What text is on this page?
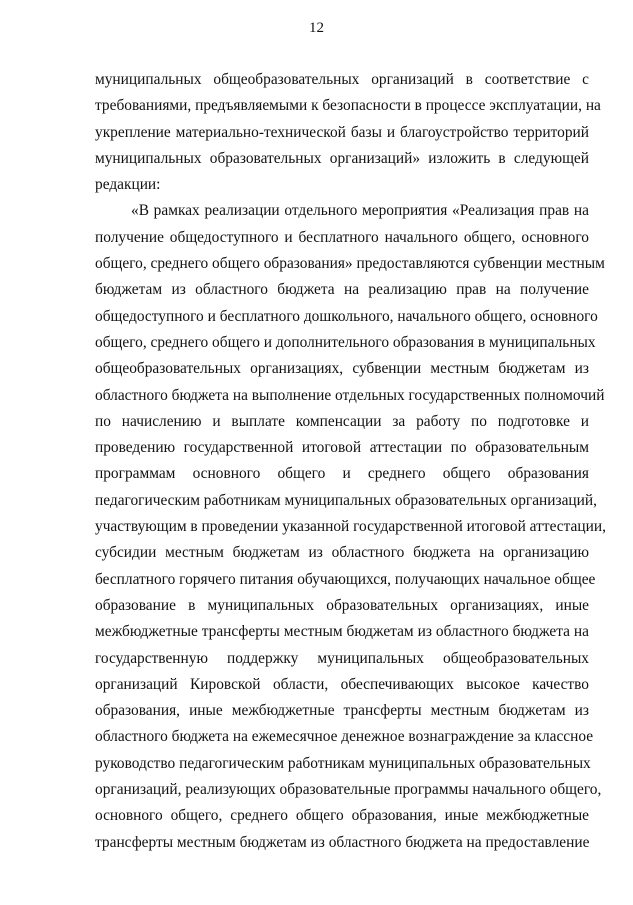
12
муниципальных общеобразовательных организаций в соответствие с
требованиями, предъявляемыми к безопасности в процессе эксплуатации, на
укрепление материально-технической базы и благоустройство территорий
муниципальных образовательных организаций» изложить в следующей
редакции:
«В рамках реализации отдельного мероприятия «Реализация прав на
получение общедоступного и бесплатного начального общего, основного
общего, среднего общего образования» предоставляются субвенции местным
бюджетам из областного бюджета на реализацию прав на получение
общедоступного и бесплатного дошкольного, начального общего, основного
общего, среднего общего и дополнительного образования в муниципальных
общеобразовательных организациях, субвенции местным бюджетам из
областного бюджета на выполнение отдельных государственных полномочий
по начислению и выплате компенсации за работу по подготовке и
проведению государственной итоговой аттестации по образовательным
программам основного общего и среднего общего образования
педагогическим работникам муниципальных образовательных организаций,
участвующим в проведении указанной государственной итоговой аттестации,
субсидии местным бюджетам из областного бюджета на организацию
бесплатного горячего питания обучающихся, получающих начальное общее
образование в муниципальных образовательных организациях, иные
межбюджетные трансферты местным бюджетам из областного бюджета на
государственную поддержку муниципальных общеобразовательных
организаций Кировской области, обеспечивающих высокое качество
образования, иные межбюджетные трансферты местным бюджетам из
областного бюджета на ежемесячное денежное вознаграждение за классное
руководство педагогическим работникам муниципальных образовательных
организаций, реализующих образовательные программы начального общего,
основного общего, среднего общего образования, иные межбюджетные
трансферты местным бюджетам из областного бюджета на предоставление
